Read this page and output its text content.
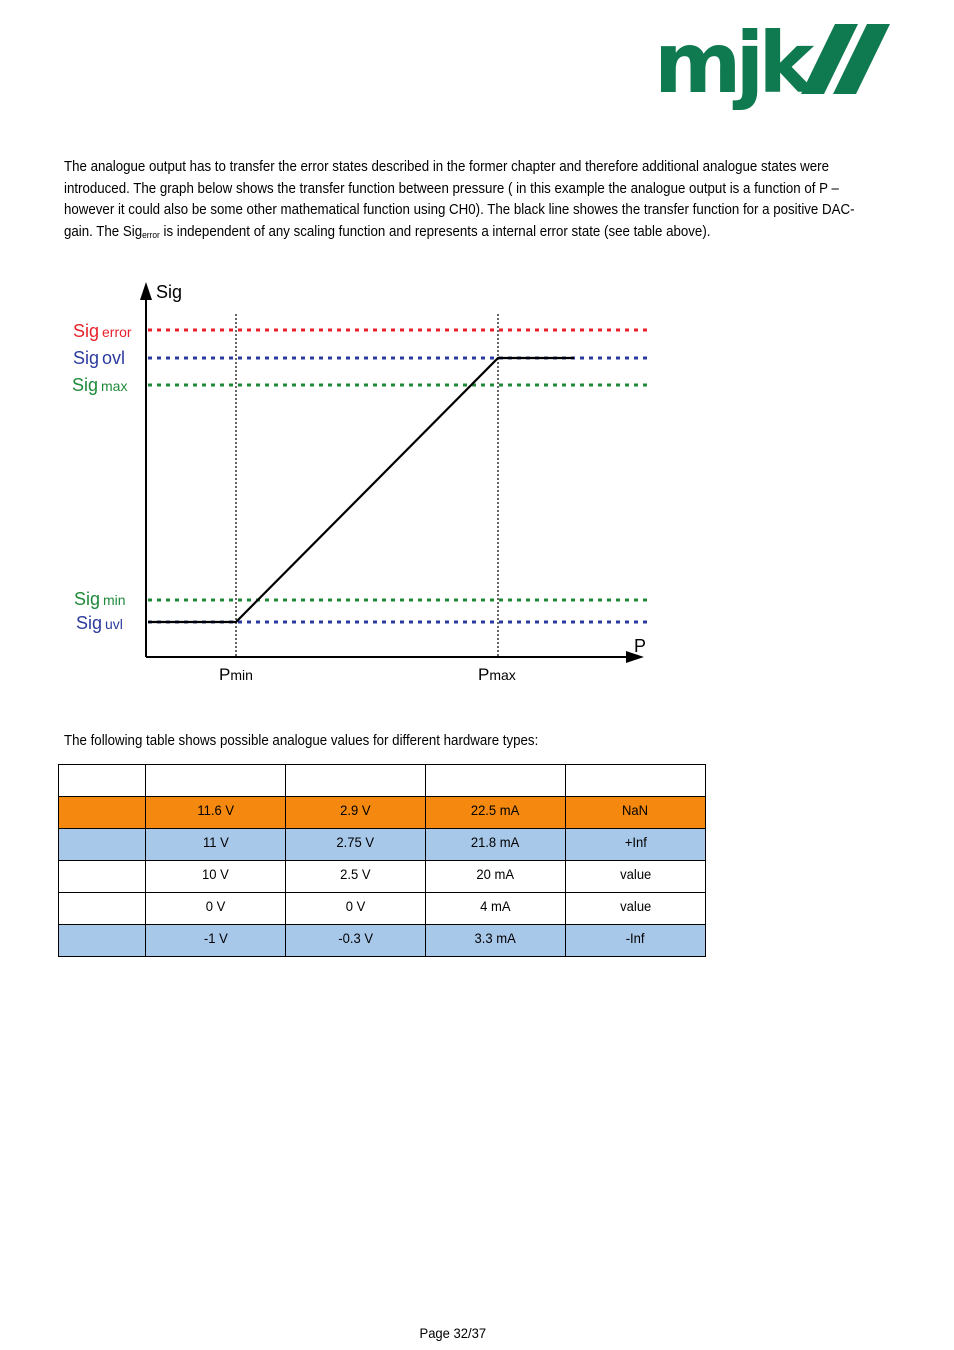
mjk
The analogue output has to transfer the error states described in the former chapter and therefore additional analogue states were introduced. The graph below shows the transfer function between pressure ( in this example the analogue output is a function of P – however it could also be some other mathematical function using CH0). The black line showes the transfer function for a positive DAC-gain. The Sig$_{error}$ is independent of any scaling function and represents a internal error state (see table above).
Sig
P
Sig error
Sig ovl
Sig max
Sig min
Sig uvl
Pmin	Pmax
The following table shows possible analogue values for different hardware types:

	11.6 V	2.9 V	22.5 mA	NaN
	11 V	2.75 V	21.8 mA	+Inf
	10 V	2.5 V	20 mA	value
	0 V	0 V	4 mA	value
	-1 V	-0.3 V	3.3 mA	-Inf
Page 32/37
